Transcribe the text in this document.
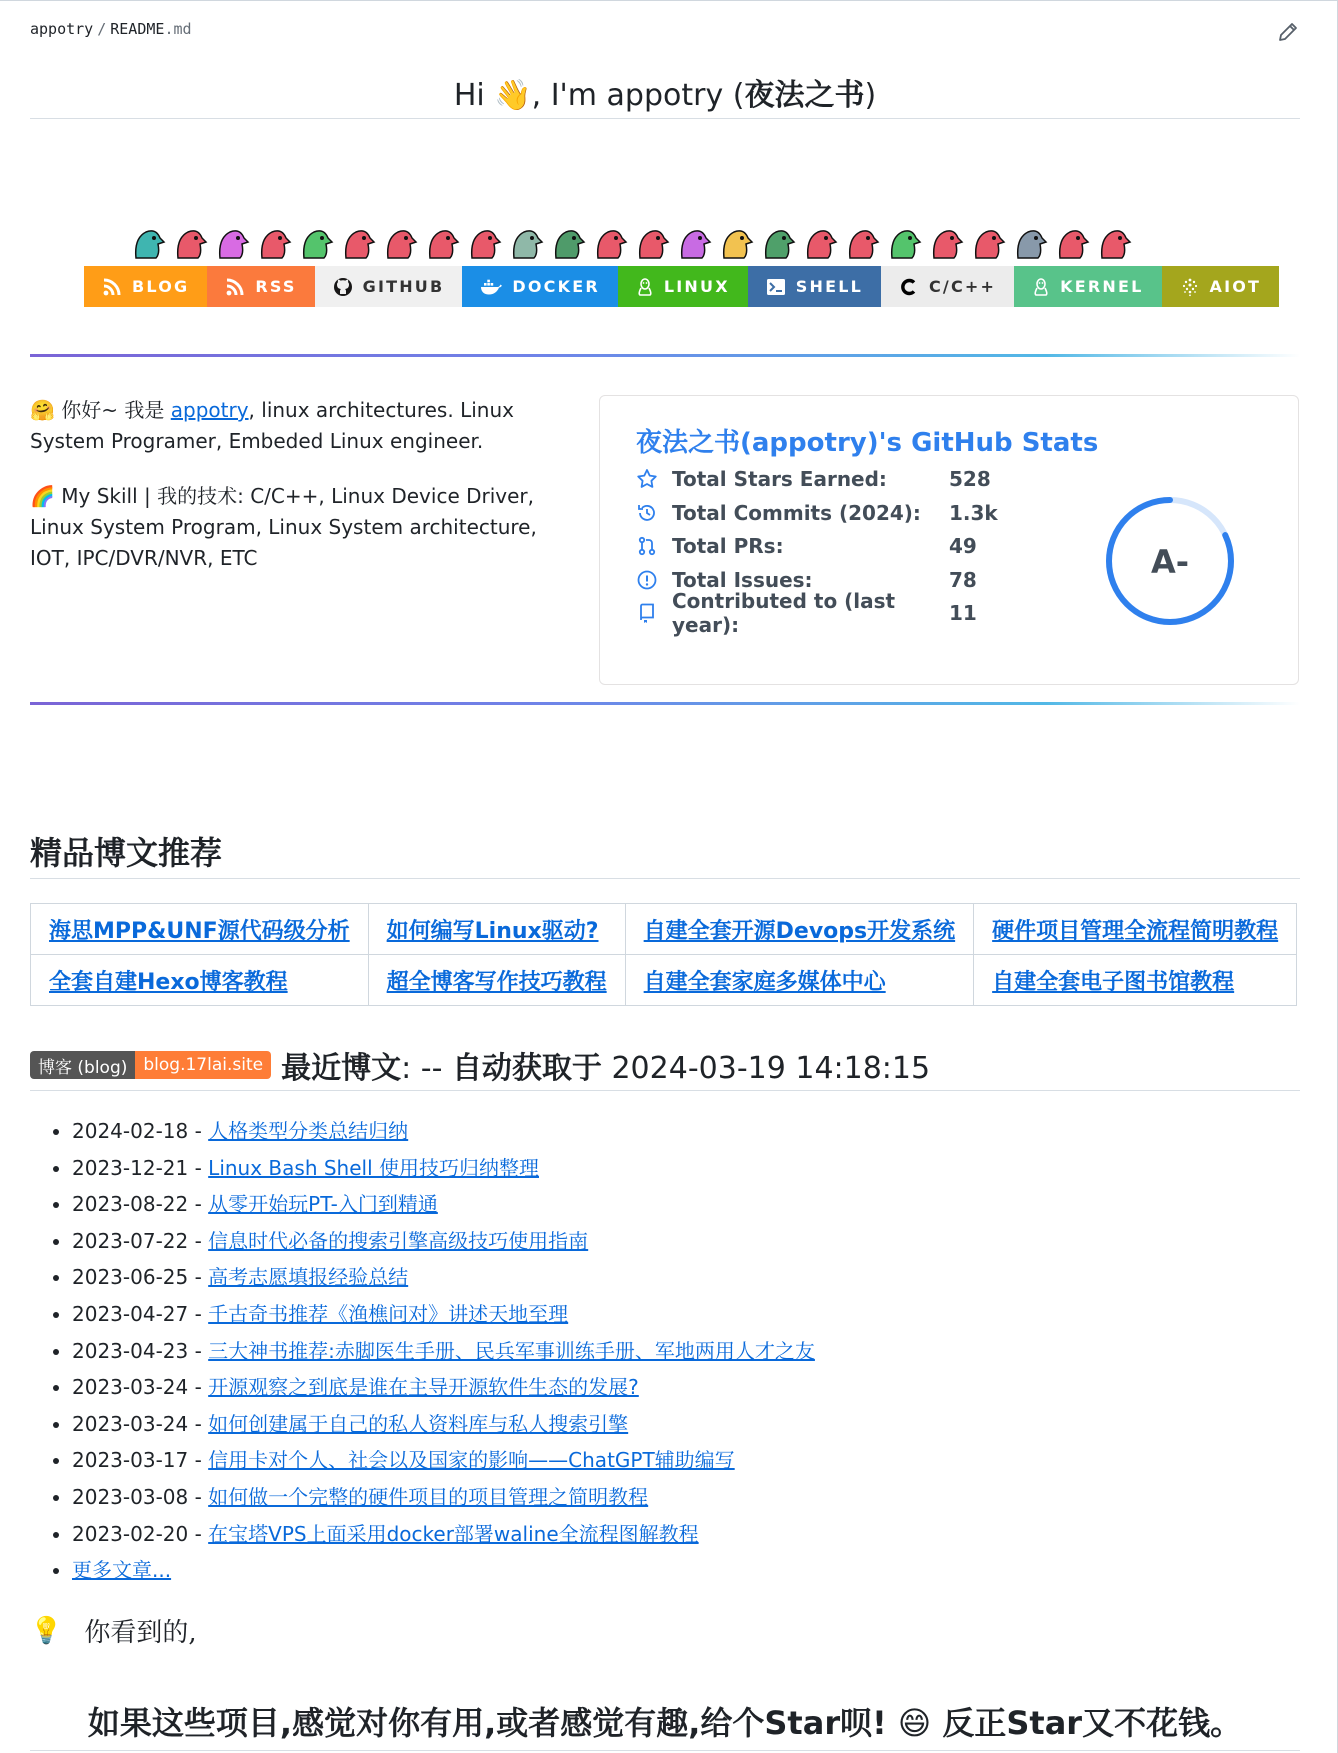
appotry / README.md
Hi 👋, I'm appotry (夜法之书)
BLOG	RSS	GITHUB	DOCKER	LINUX	SHELL	C/C++	KERNEL	AIOT

🤗 你好~ 我是 appotry, linux architectures. Linux System Programer, Embeded Linux engineer.

🌈 My Skill | 我的技术: C/C++, Linux Device Driver, Linux System Program, Linux System architecture, IOT, IPC/DVR/NVR, ETC

夜法之书(appotry)'s GitHub Stats
Total Stars Earned:	528
Total Commits (2024):	1.3k
Total PRs:	49
Total Issues:	78
Contributed to (last year):	11
A-
精品博文推荐
海思MPP&UNF源代码级分析	如何编写Linux驱动?	自建全套开源Devops开发系统	硬件项目管理全流程简明教程
全套自建Hexo博客教程	超全博客写作技巧教程	自建全套家庭多媒体中心	自建全套电子图书馆教程
博客 (blog) blog.17lai.site 最近博文: -- 自动获取于 2024-03-19 14:18:15
• 2024-02-18 - 人格类型分类总结归纳
• 2023-12-21 - Linux Bash Shell 使用技巧归纳整理
• 2023-08-22 - 从零开始玩PT-入门到精通
• 2023-07-22 - 信息时代必备的搜索引擎高级技巧使用指南
• 2023-06-25 - 高考志愿填报经验总结
• 2023-04-27 - 千古奇书推荐《渔樵问对》讲述天地至理
• 2023-04-23 - 三大神书推荐:赤脚医生手册、民兵军事训练手册、军地两用人才之友
• 2023-03-24 - 开源观察之到底是谁在主导开源软件生态的发展?
• 2023-03-24 - 如何创建属于自己的私人资料库与私人搜索引擎
• 2023-03-17 - 信用卡对个人、社会以及国家的影响——ChatGPT辅助编写
• 2023-03-08 - 如何做一个完整的硬件项目的项目管理之简明教程
• 2023-02-20 - 在宝塔VPS上面采用docker部署waline全流程图解教程
• 更多文章...
💡 你看到的,
如果这些项目,感觉对你有用,或者感觉有趣,给个Star呗! 😄 反正Star又不花钱。
